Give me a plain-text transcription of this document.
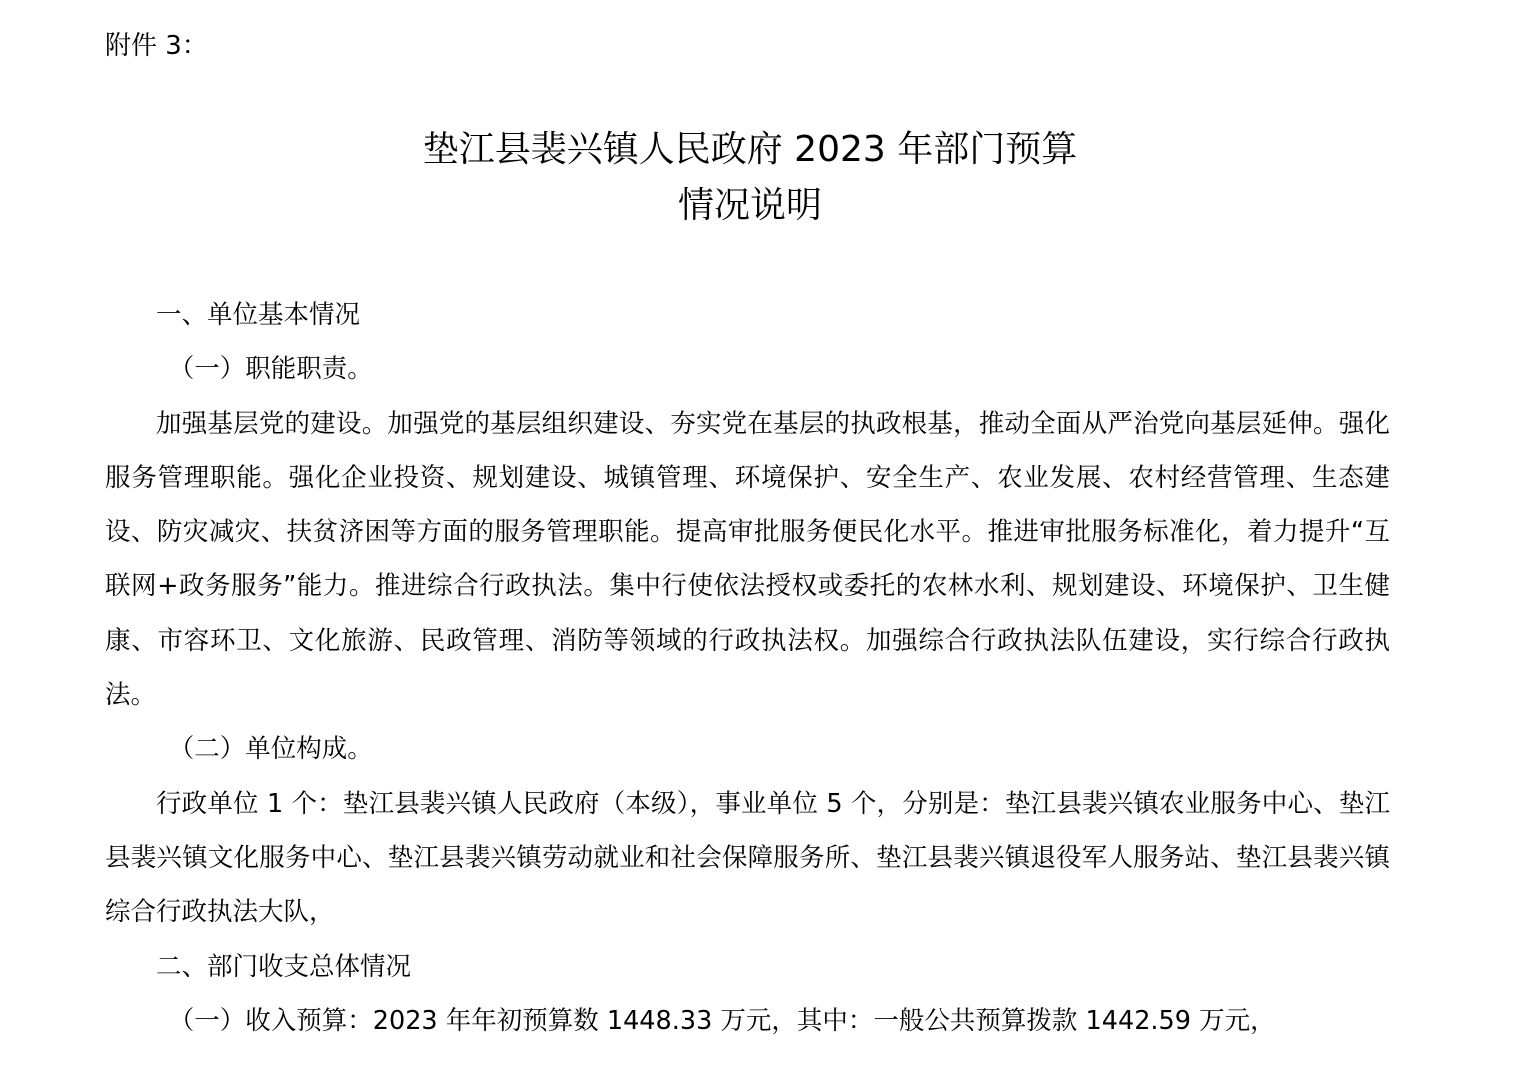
附件 3：
垫江县裴兴镇人民政府 2023 年部门预算
情况说明

一、单位基本情况

（一）职能职责。

加强基层党的建设。加强党的基层组织建设、夯实党在基层的执政根基，推动全面从严治党向基层延伸。强化服务管理职能。强化企业投资、规划建设、城镇管理、环境保护、安全生产、农业发展、农村经营管理、生态建设、防灾减灾、扶贫济困等方面的服务管理职能。提高审批服务便民化水平。推进审批服务标准化，着力提升“互联网+政务服务”能力。推进综合行政执法。集中行使依法授权或委托的农林水利、规划建设、环境保护、卫生健康、市容环卫、文化旅游、民政管理、消防等领域的行政执法权。加强综合行政执法队伍建设，实行综合行政执法。

（二）单位构成。

行政单位 1 个：垫江县裴兴镇人民政府（本级），事业单位 5 个，分别是：垫江县裴兴镇农业服务中心、垫江县裴兴镇文化服务中心、垫江县裴兴镇劳动就业和社会保障服务所、垫江县裴兴镇退役军人服务站、垫江县裴兴镇综合行政执法大队，

二、部门收支总体情况

（一）收入预算：2023 年年初预算数 1448.33 万元，其中：一般公共预算拨款 1442.59 万元，
